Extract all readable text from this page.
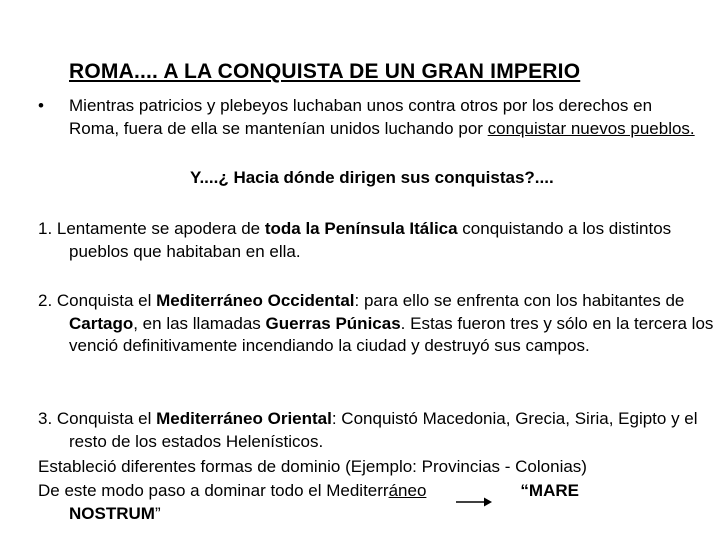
ROMA.... A LA CONQUISTA DE UN GRAN IMPERIO
•	Mientras patricios y plebeyos luchaban unos contra otros por los derechos en Roma, fuera de ella se mantenían unidos luchando por conquistar nuevos pueblos.
Y....¿ Hacia dónde dirigen sus conquistas?....

1. Lentamente se apodera de toda la Península Itálica conquistando a los distintos pueblos que habitaban en ella.

2. Conquista el Mediterráneo Occidental: para ello se enfrenta con los habitantes de Cartago, en las llamadas Guerras Púnicas. Estas fueron tres y sólo en la tercera los venció definitivamente incendiando la ciudad y destruyó sus campos.

3. Conquista el Mediterráneo Oriental: Conquistó Macedonia, Grecia, Siria, Egipto y el resto de los estados Helenísticos.

Estableció diferentes formas de dominio (Ejemplo: Provincias - Colonias)

De este modo paso a dominar todo el Mediterráneo	“MARE
NOSTRUM”
